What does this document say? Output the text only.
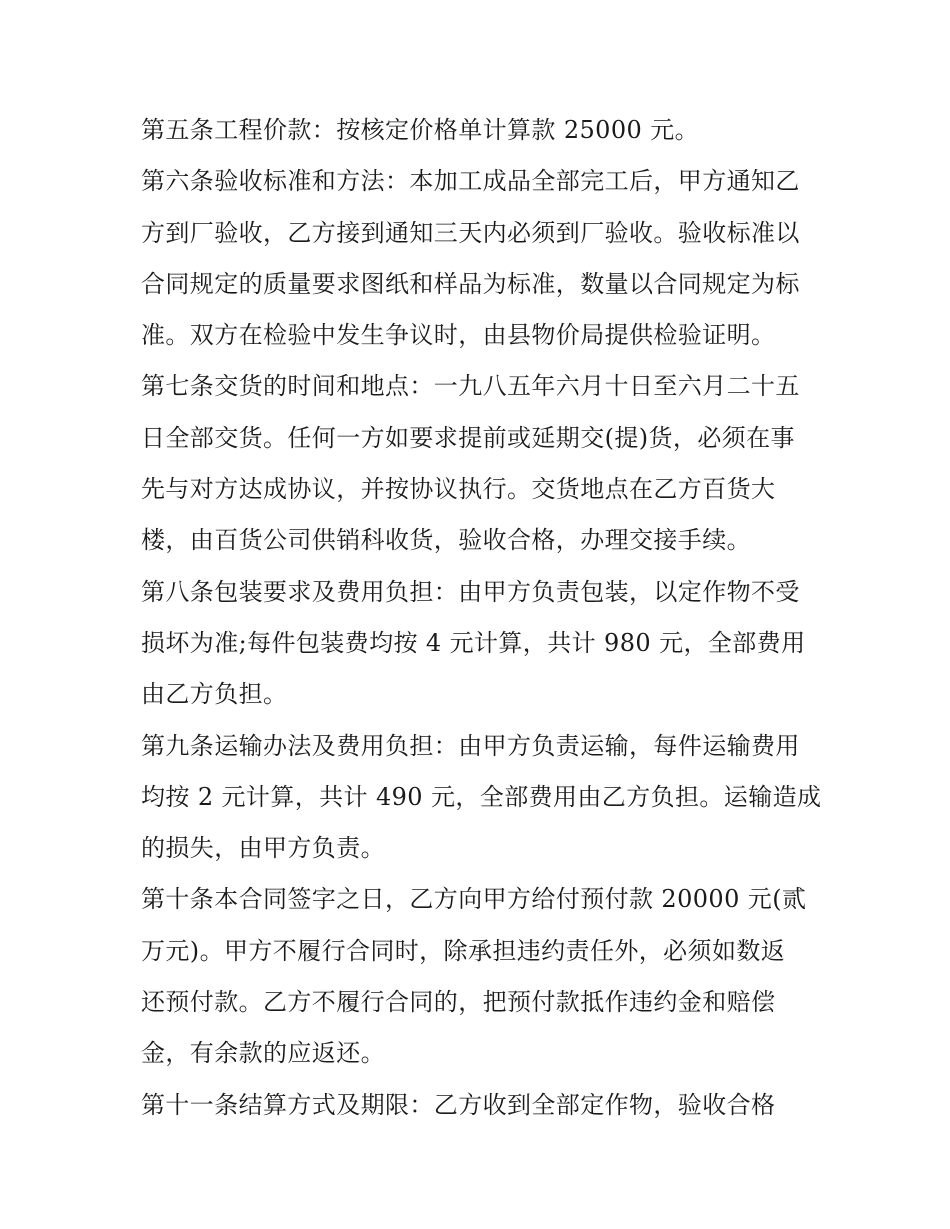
第五条工程价款：按核定价格单计算款 25000 元。
第六条验收标准和方法：本加工成品全部完工后，甲方通知乙
方到厂验收，乙方接到通知三天内必须到厂验收。验收标准以
合同规定的质量要求图纸和样品为标准，数量以合同规定为标
准。双方在检验中发生争议时，由县物价局提供检验证明。
第七条交货的时间和地点：一九八五年六月十日至六月二十五
日全部交货。任何一方如要求提前或延期交(提)货，必须在事
先与对方达成协议，并按协议执行。交货地点在乙方百货大
楼，由百货公司供销科收货，验收合格，办理交接手续。
第八条包装要求及费用负担：由甲方负责包装，以定作物不受
损坏为准;每件包装费均按 4 元计算，共计 980 元，全部费用
由乙方负担。
第九条运输办法及费用负担：由甲方负责运输，每件运输费用
均按 2 元计算，共计 490 元，全部费用由乙方负担。运输造成
的损失，由甲方负责。
第十条本合同签字之日，乙方向甲方给付预付款 20000 元(贰
万元)。甲方不履行合同时，除承担违约责任外，必须如数返
还预付款。乙方不履行合同的，把预付款抵作违约金和赔偿
金，有余款的应返还。
第十一条结算方式及期限：乙方收到全部定作物，验收合格
